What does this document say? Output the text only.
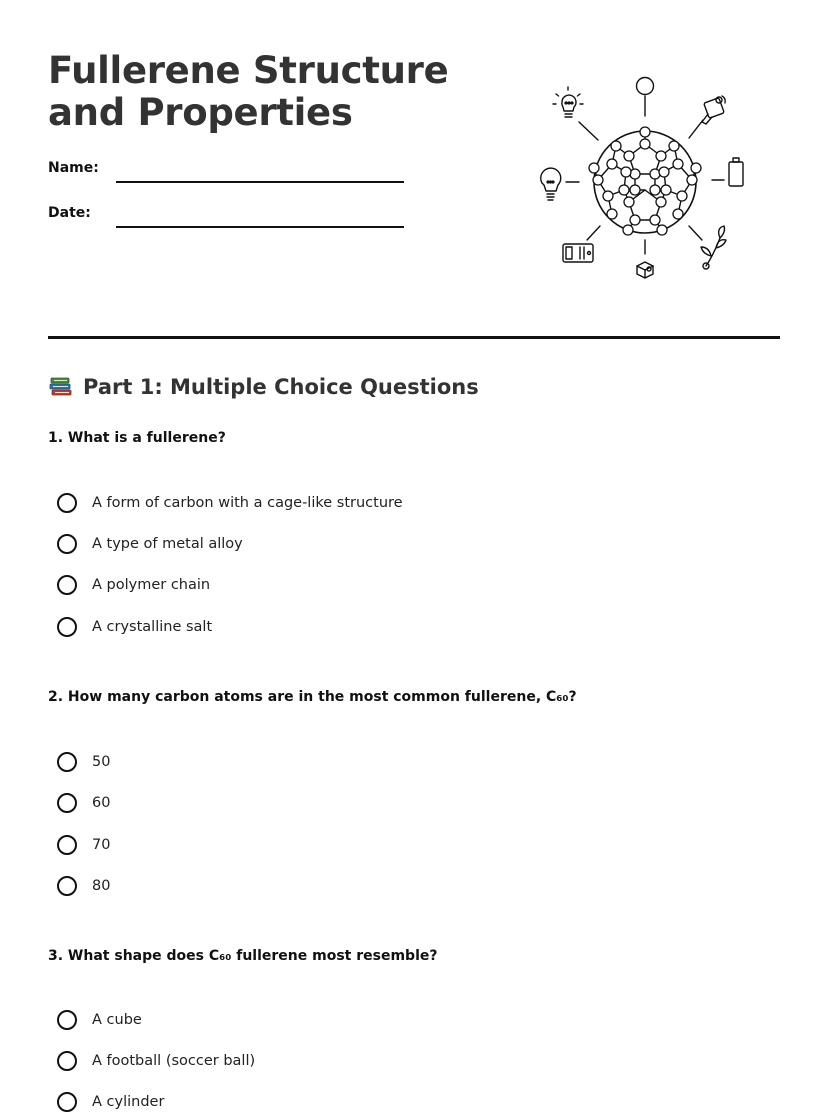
Fullerene Structure and Properties
Name:
Date:
Part 1: Multiple Choice Questions

1. What is a fullerene?

A form of carbon with a cage-like structure
A type of metal alloy
A polymer chain
A crystalline salt

2. How many carbon atoms are in the most common fullerene, C₆₀?

50
60
70
80

3. What shape does C₆₀ fullerene most resemble?

A cube
A football (soccer ball)
A cylinder
